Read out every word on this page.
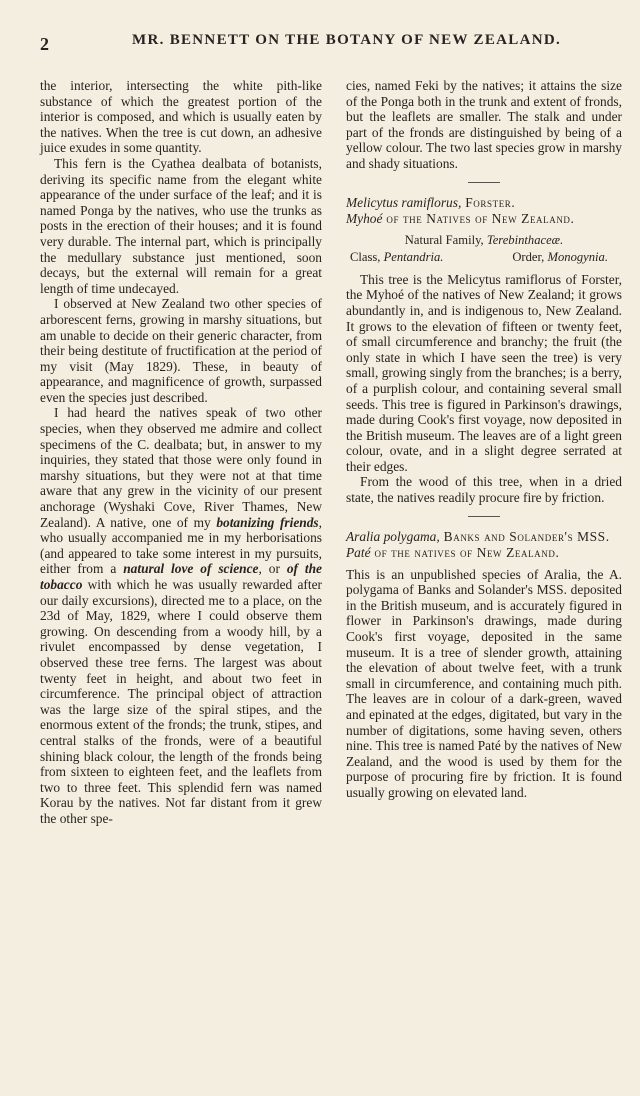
2	MR. BENNETT ON THE BOTANY OF NEW ZEALAND.

the interior, intersecting the white pith-like substance of which the greatest portion of the interior is composed, and which is usually eaten by the natives. When the tree is cut down, an adhesive juice exudes in some quantity.

This fern is the Cyathea dealbata of botanists, deriving its specific name from the elegant white appearance of the under surface of the leaf; and it is named Ponga by the natives, who use the trunks as posts in the erection of their houses; and it is found very durable. The internal part, which is principally the medullary substance just mentioned, soon decays, but the external will remain for a great length of time undecayed.

I observed at New Zealand two other species of arborescent ferns, growing in marshy situations, but am unable to decide on their generic character, from their being destitute of fructification at the period of my visit (May 1829). These, in beauty of appearance, and magnificence of growth, surpassed even the species just described.

I had heard the natives speak of two other species, when they observed me admire and collect specimens of the C. dealbata; but, in answer to my inquiries, they stated that those were only found in marshy situations, but they were not at that time aware that any grew in the vicinity of our present anchorage (Wyshaki Cove, River Thames, New Zealand). A native, one of my botanizing friends, who usually accompanied me in my herborisations (and appeared to take some interest in my pursuits, either from a natural love of science, or of the tobacco with which he was usually rewarded after our daily excursions), directed me to a place, on the 23d of May, 1829, where I could observe them growing. On descending from a woody hill, by a rivulet encompassed by dense vegetation, I observed these tree ferns. The largest was about twenty feet in height, and about two feet in circumference. The principal object of attraction was the large size of the spiral stipes, and the enormous extent of the fronds; the trunk, stipes, and central stalks of the fronds, were of a beautiful shining black colour, the length of the fronds being from sixteen to eighteen feet, and the leaflets from two to three feet. This splendid fern was named Korau by the natives. Not far distant from it grew the other spe-

cies, named Feki by the natives; it attains the size of the Ponga both in the trunk and extent of fronds, but the leaflets are smaller. The stalk and under part of the fronds are distinguished by being of a yellow colour. The two last species grow in marshy and shady situations.

Melicytus ramiflorus, Forster.
Myhoé of the Natives of New Zealand.
Natural Family, Terebinthaceæ.
Class, Pentandria.	Order, Monogynia.

This tree is the Melicytus ramiflorus of Forster, the Myhoé of the natives of New Zealand; it grows abundantly in, and is indigenous to, New Zealand. It grows to the elevation of fifteen or twenty feet, of small circumference and branchy; the fruit (the only state in which I have seen the tree) is very small, growing singly from the branches; is a berry, of a purplish colour, and containing several small seeds. This tree is figured in Parkinson's drawings, made during Cook's first voyage, now deposited in the British museum. The leaves are of a light green colour, ovate, and in a slight degree serrated at their edges.

From the wood of this tree, when in a dried state, the natives readily procure fire by friction.

Aralia polygama, Banks and Solander's MSS.
Paté of the natives of New Zealand.

This is an unpublished species of Aralia, the A. polygama of Banks and Solander's MSS. deposited in the British museum, and is accurately figured in flower in Parkinson's drawings, made during Cook's first voyage, deposited in the same museum. It is a tree of slender growth, attaining the elevation of about twelve feet, with a trunk small in circumference, and containing much pith. The leaves are in colour of a dark-green, waved and epinated at the edges, digitated, but vary in the number of digitations, some having seven, others nine. This tree is named Paté by the natives of New Zealand, and the wood is used by them for the purpose of procuring fire by friction. It is found usually growing on elevated land.
